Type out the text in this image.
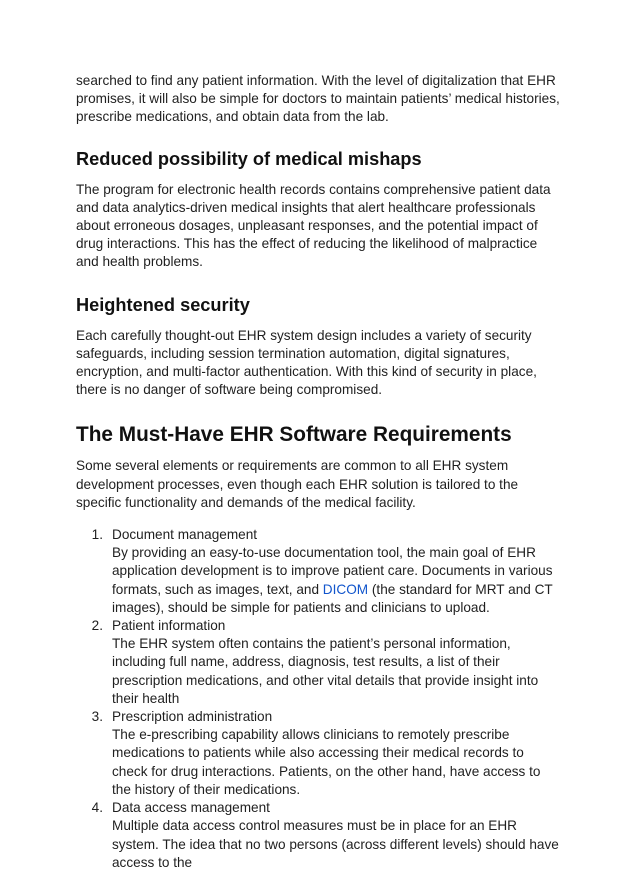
searched to find any patient information. With the level of digitalization that EHR promises, it will also be simple for doctors to maintain patients’ medical histories, prescribe medications, and obtain data from the lab.

Reduced possibility of medical mishaps

The program for electronic health records contains comprehensive patient data and data analytics-driven medical insights that alert healthcare professionals about erroneous dosages, unpleasant responses, and the potential impact of drug interactions. This has the effect of reducing the likelihood of malpractice and health problems.

Heightened security

Each carefully thought-out EHR system design includes a variety of security safeguards, including session termination automation, digital signatures, encryption, and multi-factor authentication. With this kind of security in place, there is no danger of software being compromised.

The Must-Have EHR Software Requirements

Some several elements or requirements are common to all EHR system development processes, even though each EHR solution is tailored to the specific functionality and demands of the medical facility.

1. Document management
By providing an easy-to-use documentation tool, the main goal of EHR application development is to improve patient care. Documents in various formats, such as images, text, and DICOM (the standard for MRT and CT images), should be simple for patients and clinicians to upload.
2. Patient information
The EHR system often contains the patient’s personal information, including full name, address, diagnosis, test results, a list of their prescription medications, and other vital details that provide insight into their health
3. Prescription administration
The e-prescribing capability allows clinicians to remotely prescribe medications to patients while also accessing their medical records to check for drug interactions. Patients, on the other hand, have access to the history of their medications.
4. Data access management
Multiple data access control measures must be in place for an EHR system. The idea that no two persons (across different levels) should have access to the
